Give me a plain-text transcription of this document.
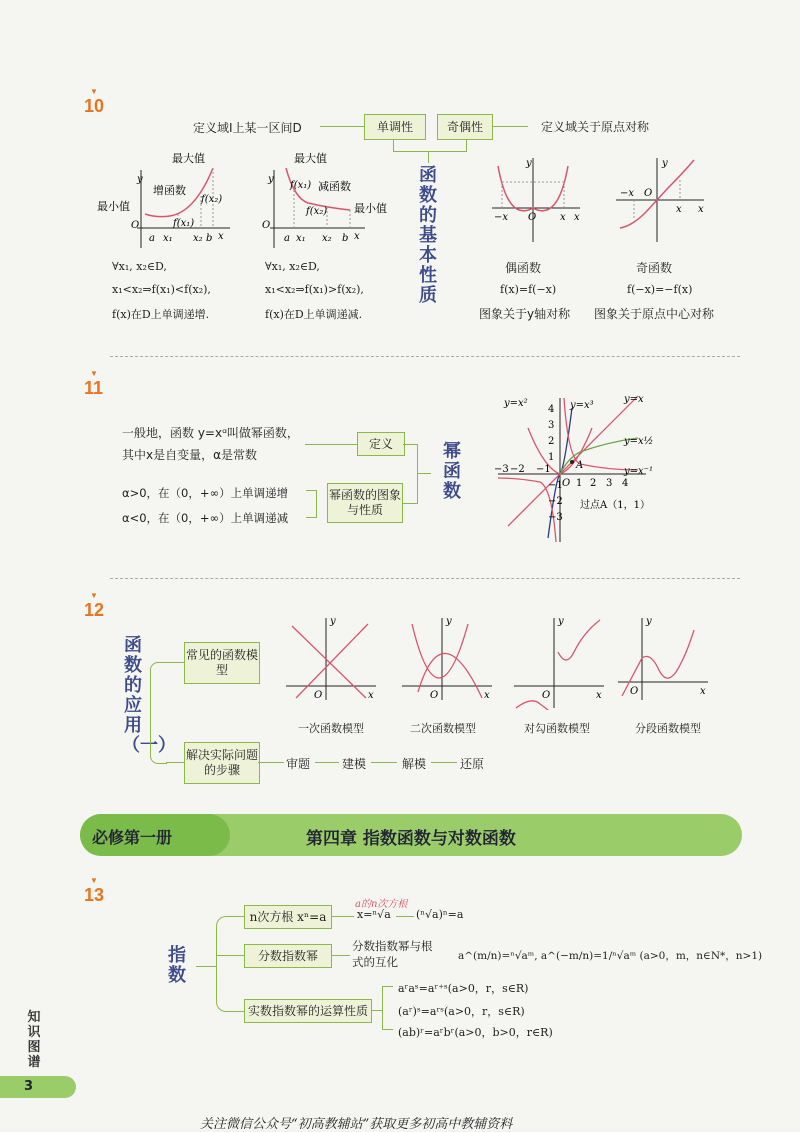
▼
10
定义域I上某一区间D	单调性	奇偶性	定义域关于原点对称
函数的基本性质
y
O
a x₁ x₂ b x
最大值
最小值
增函数
f(x₂)
f(x₁)
∀x₁, x₂∈D,
x₁<x₂⇒f(x₁)<f(x₂),
f(x)在D上单调递增.
y
O
a x₁ x₂ b x
最大值
最小值
减函数
f(x₁)
f(x₂)
∀x₁, x₂∈D,
x₁<x₂⇒f(x₁)>f(x₂),
f(x)在D上单调递减.
y
−x O x x
偶函数
f(x)=f(−x)
图象关于y轴对称
y
−x O
x x
奇函数
f(−x)=−f(x)
图象关于原点中心对称
▼
11
一般地，函数 y=xᵅ叫做幂函数，
其中x是自变量，α是常数
定义
α>0，在（0，+∞）上单调递增
α<0，在（0，+∞）上单调递减
幂函数的图象与性质
幂函数
4
3
2
1
−1
−2
−3
−3 −2 −1
1 2 3 4
y=x²	y=x³
y=x
y=x½
y=x⁻¹
A
O
过点A（1，1）
▼
12
函数的应用（一）
常见的函数模型
解决实际问题的步骤
y
O	x
y
O	x
y
O	x
y
O	x
一次函数模型	二次函数模型	对勾函数模型	分段函数模型
审题	建模	解模	还原
必修第一册	第四章 指数函数与对数函数
▼
13
指数
n次方根 xⁿ=a
a的n次方根
x=ⁿ√a (ⁿ√a)ⁿ=a
分数指数幂
分数指数幂与根式的互化	a^(m/n)=ⁿ√aᵐ, a^(−m/n)=1/ⁿ√aᵐ (a>0，m，n∈N*，n>1)
实数指数幂的运算性质
aʳaˢ=aʳ⁺ˢ(a>0，r，s∈R)
(aʳ)ˢ=aʳˢ(a>0，r，s∈R)
(ab)ʳ=aʳbʳ(a>0，b>0，r∈R)
知识图谱
3
关注微信公众号“初高教辅站”获取更多初高中教辅资料
